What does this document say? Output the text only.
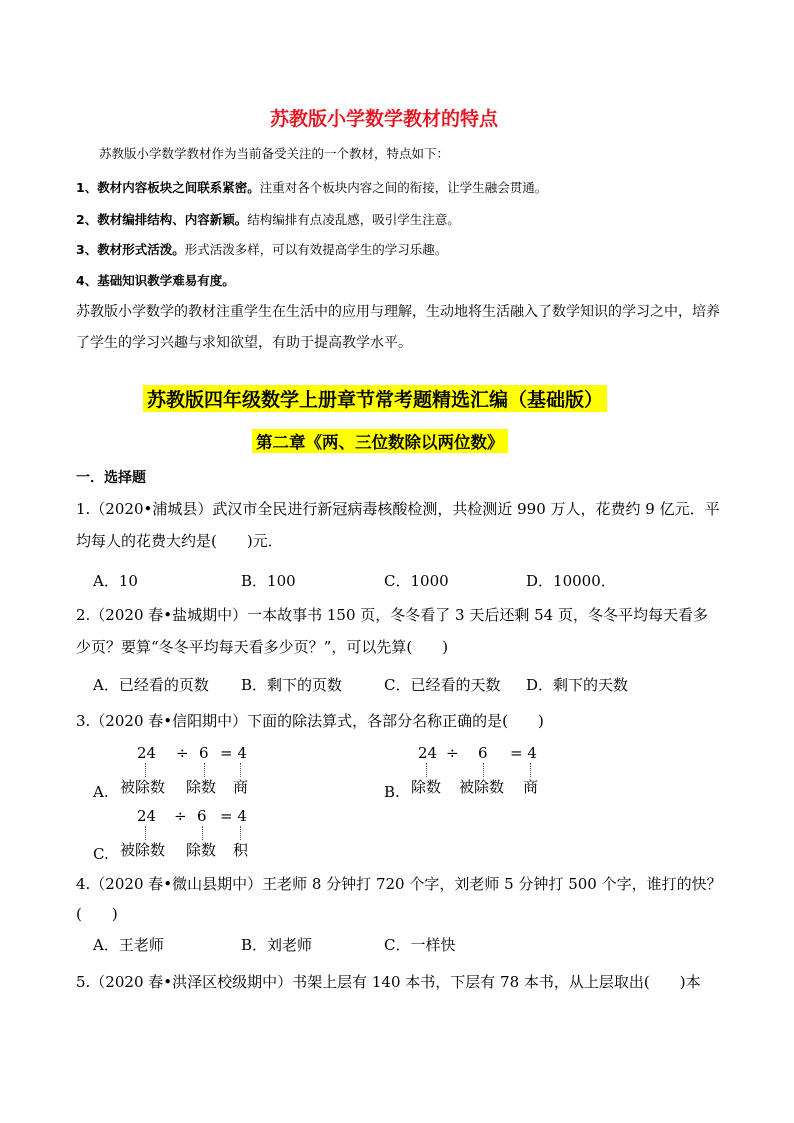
苏教版小学数学教材的特点
苏教版小学数学教材作为当前备受关注的一个教材，特点如下：
1、教材内容板块之间联系紧密。注重对各个板块内容之间的衔接，让学生融会贯通。
2、教材编排结构、内容新颖。结构编排有点凌乱感，吸引学生注意。
3、教材形式活泼。形式活泼多样，可以有效提高学生的学习乐趣。
4、基础知识教学难易有度。
苏教版小学数学的教材注重学生在生活中的应用与理解，生动地将生活融入了数学知识的学习之中，培养
了学生的学习兴趣与求知欲望，有助于提高教学水平。
苏教版四年级数学上册章节常考题精选汇编（基础版）
第二章《两、三位数除以两位数》
一．选择题
1.（2020•浦城县）武汉市全民进行新冠病毒核酸检测，共检测近 990 万人，花费约 9 亿元．平
均每人的花费大约是(　　)元．
A．10	B．100	C．1000	D．10000．
2.（2020 春•盐城期中）一本故事书 150 页，冬冬看了 3 天后还剩 54 页，冬冬平均每天看多
少页？要算“冬冬平均每天看多少页？”，可以先算(　　)
A．已经看的页数 B．剩下的页数	C．已经看的天数 D．剩下的天数
3.（2020 春•信阳期中）下面的除法算式，各部分名称正确的是(　　)
A.
24 ÷ 6 = 4
被除数 除数 商	B.
24 ÷ 6 = 4
除数 被除数 商
C.
24 ÷ 6 = 4
被除数 除数 积
4.（2020 春•微山县期中）王老师 8 分钟打 720 个字，刘老师 5 分钟打 500 个字，谁打的快？
(　　)
A．王老师	B．刘老师	C．一样快
5.（2020 春•洪泽区校级期中）书架上层有 140 本书，下层有 78 本书，从上层取出(　　)本
